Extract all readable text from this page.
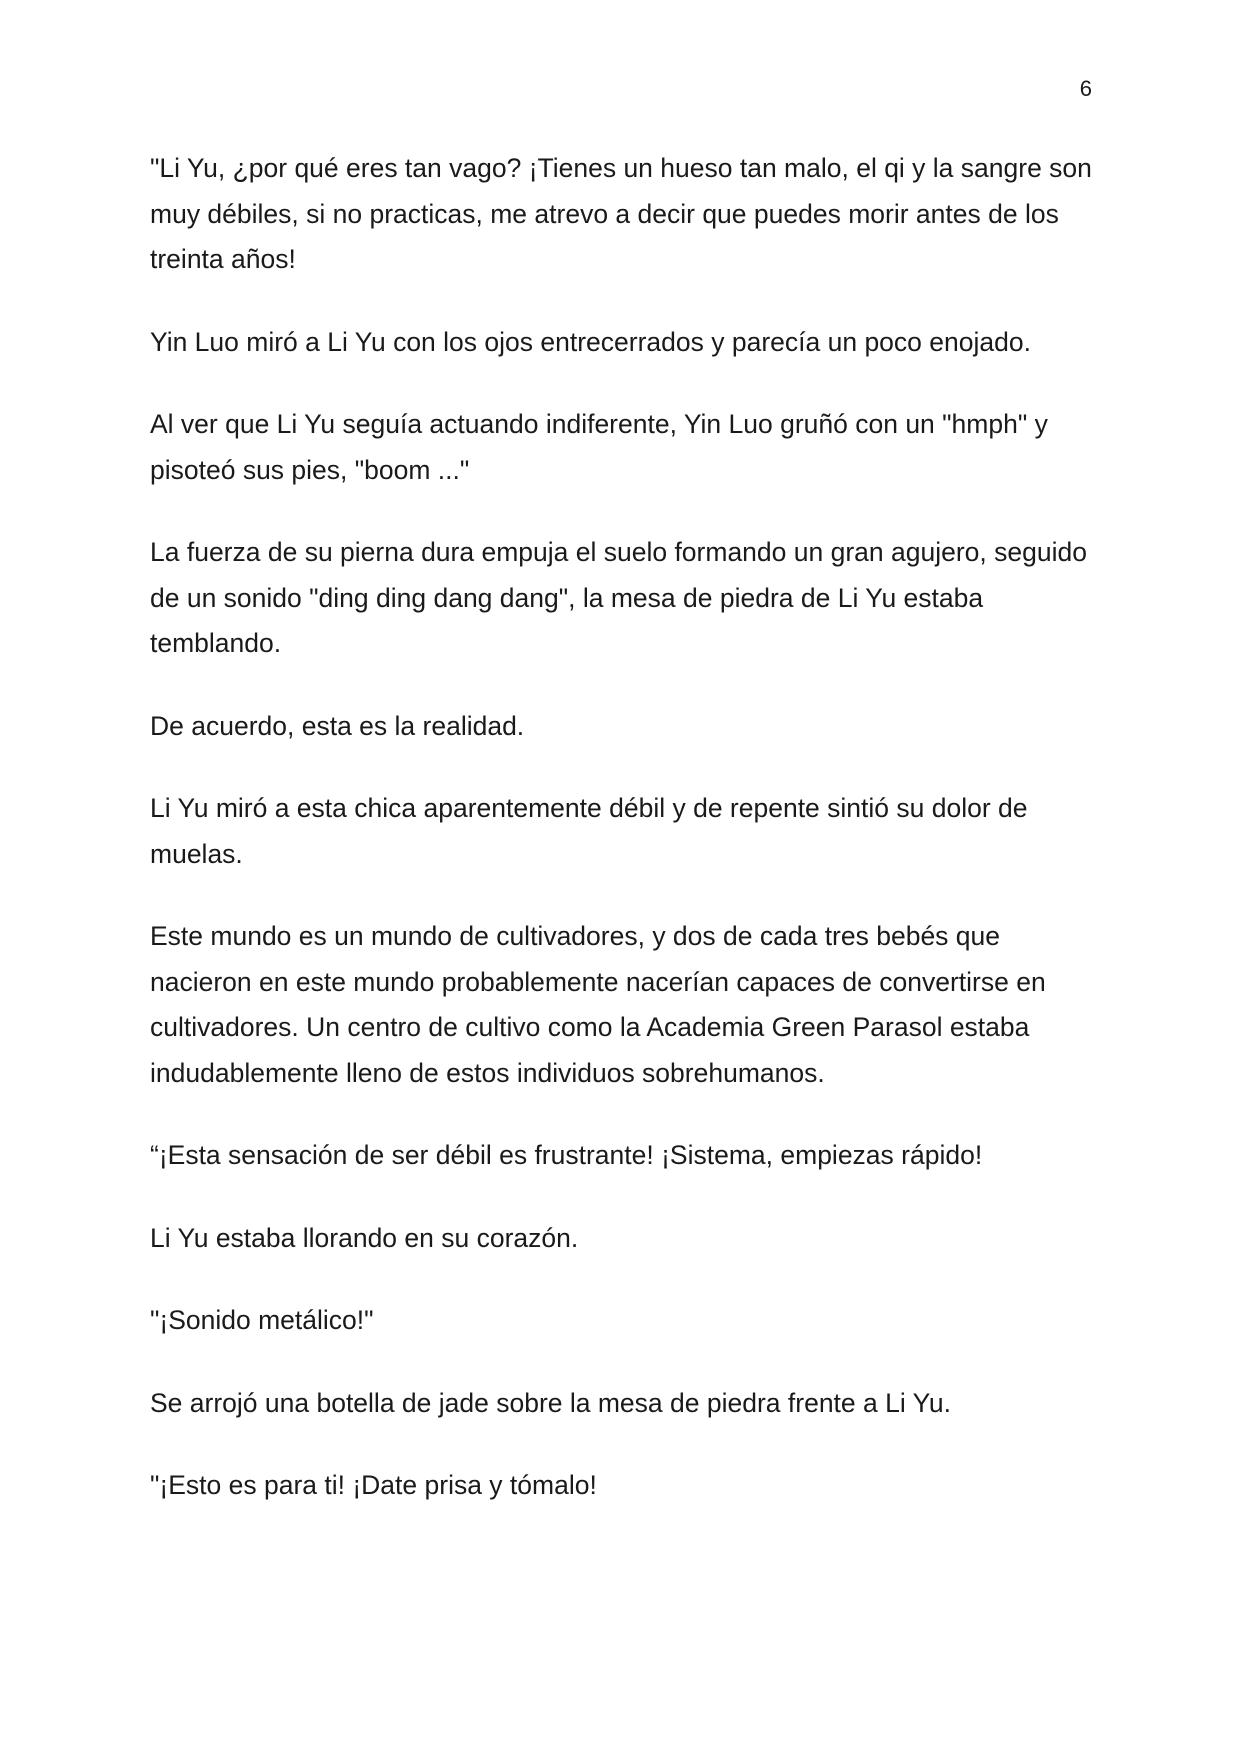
6

"Li Yu, ¿por qué eres tan vago? ¡Tienes un hueso tan malo, el qi y la sangre son muy débiles, si no practicas, me atrevo a decir que puedes morir antes de los treinta años!

Yin Luo miró a Li Yu con los ojos entrecerrados y parecía un poco enojado.

Al ver que Li Yu seguía actuando indiferente, Yin Luo gruñó con un "hmph" y pisoteó sus pies, "boom ..."

La fuerza de su pierna dura empuja el suelo formando un gran agujero, seguido de un sonido "ding ding dang dang", la mesa de piedra de Li Yu estaba temblando.

De acuerdo, esta es la realidad.

Li Yu miró a esta chica aparentemente débil y de repente sintió su dolor de muelas.

Este mundo es un mundo de cultivadores, y dos de cada tres bebés que nacieron en este mundo probablemente nacerían capaces de convertirse en cultivadores. Un centro de cultivo como la Academia Green Parasol estaba indudablemente lleno de estos individuos sobrehumanos.

“¡Esta sensación de ser débil es frustrante! ¡Sistema, empiezas rápido!

Li Yu estaba llorando en su corazón.

"¡Sonido metálico!"

Se arrojó una botella de jade sobre la mesa de piedra frente a Li Yu.

"¡Esto es para ti! ¡Date prisa y tómalo!
